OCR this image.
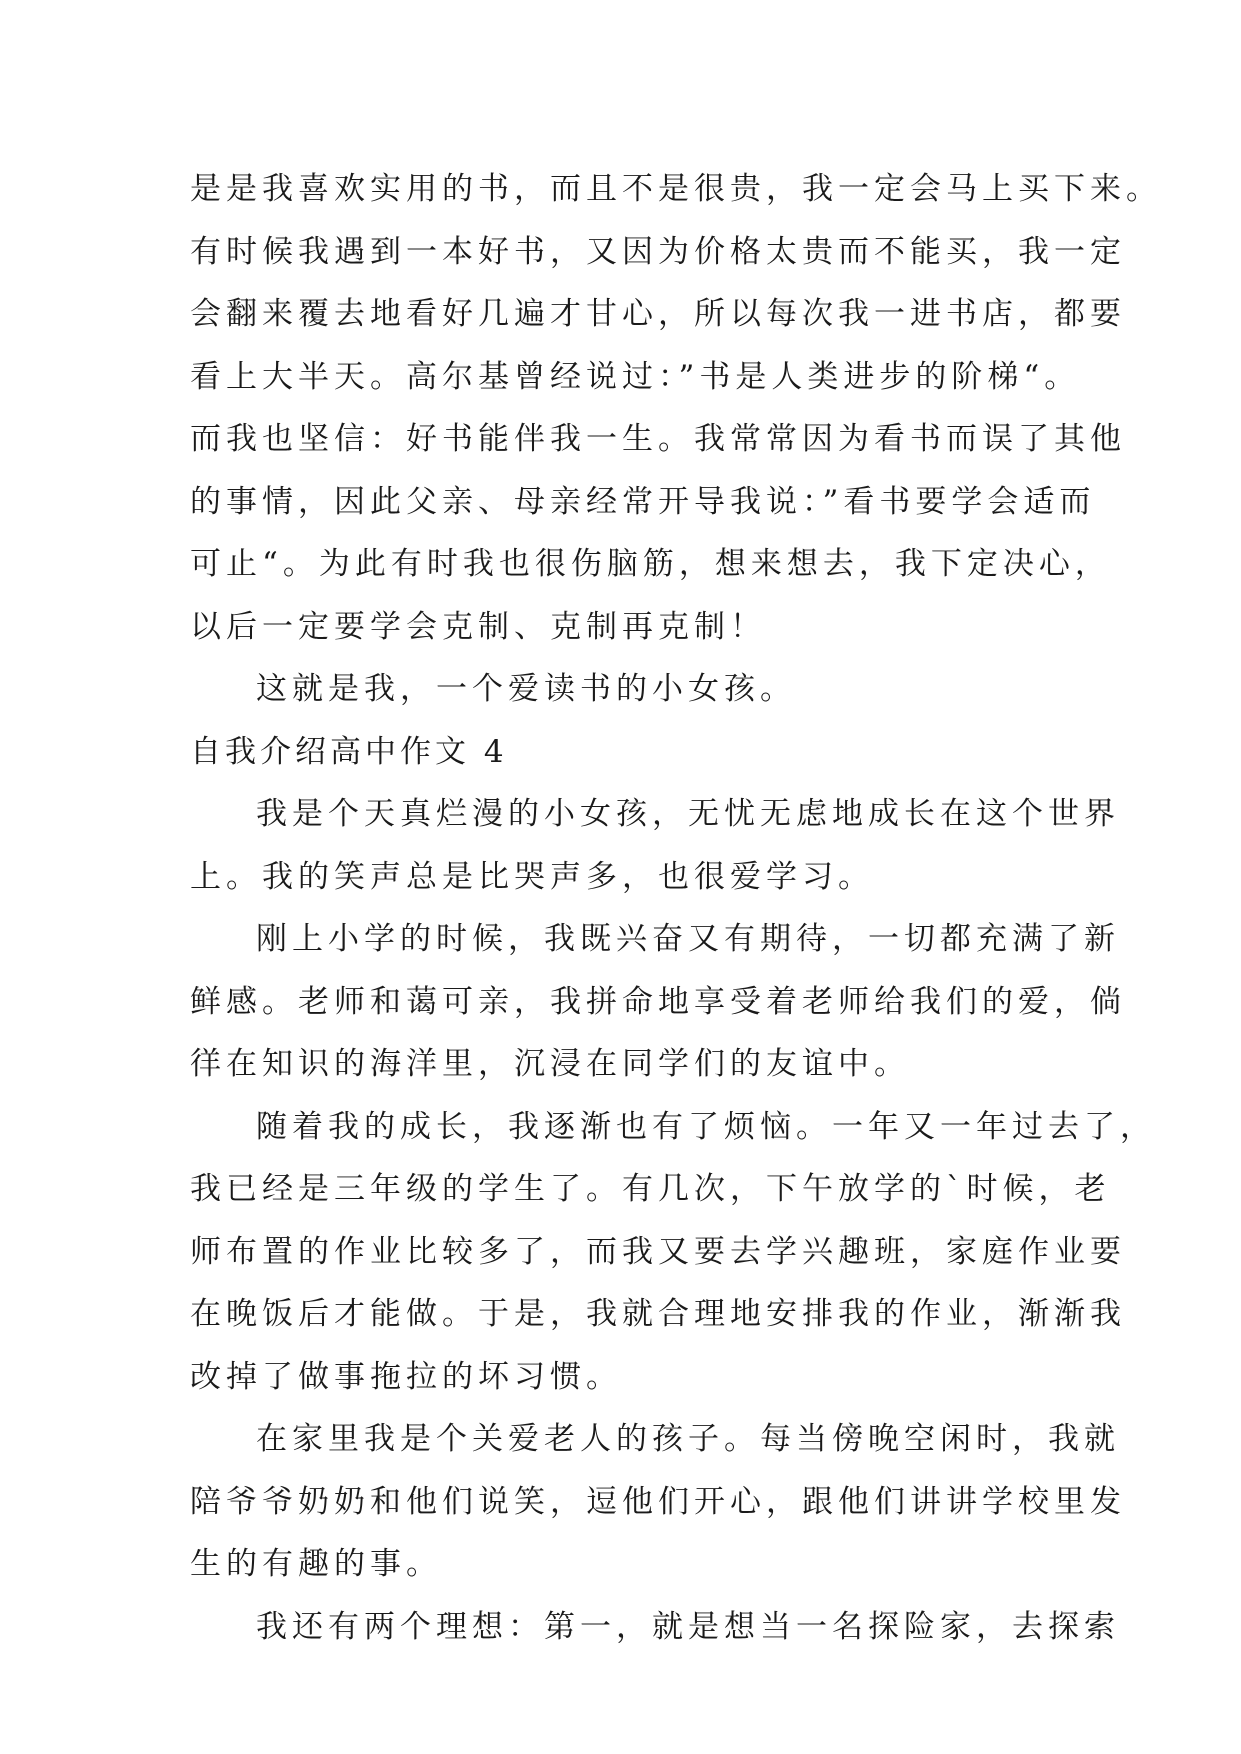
是是我喜欢实用的书，而且不是很贵，我一定会马上买下来。
有时候我遇到一本好书，又因为价格太贵而不能买，我一定
会翻来覆去地看好几遍才甘心，所以每次我一进书店，都要
看上大半天。高尔基曾经说过：”书是人类进步的阶梯“。
而我也坚信：好书能伴我一生。我常常因为看书而误了其他
的事情，因此父亲、母亲经常开导我说：”看书要学会适而
可止“。为此有时我也很伤脑筋，想来想去，我下定决心，
以后一定要学会克制、克制再克制！
这就是我，一个爱读书的小女孩。
自我介绍高中作文 4
我是个天真烂漫的小女孩，无忧无虑地成长在这个世界
上。我的笑声总是比哭声多，也很爱学习。
刚上小学的时候，我既兴奋又有期待，一切都充满了新
鲜感。老师和蔼可亲，我拼命地享受着老师给我们的爱，倘
徉在知识的海洋里，沉浸在同学们的友谊中。
随着我的成长，我逐渐也有了烦恼。一年又一年过去了，
我已经是三年级的学生了。有几次，下午放学的`时候，老
师布置的作业比较多了，而我又要去学兴趣班，家庭作业要
在晚饭后才能做。于是，我就合理地安排我的作业，渐渐我
改掉了做事拖拉的坏习惯。
在家里我是个关爱老人的孩子。每当傍晚空闲时，我就
陪爷爷奶奶和他们说笑，逗他们开心，跟他们讲讲学校里发
生的有趣的事。
我还有两个理想：第一，就是想当一名探险家，去探索
